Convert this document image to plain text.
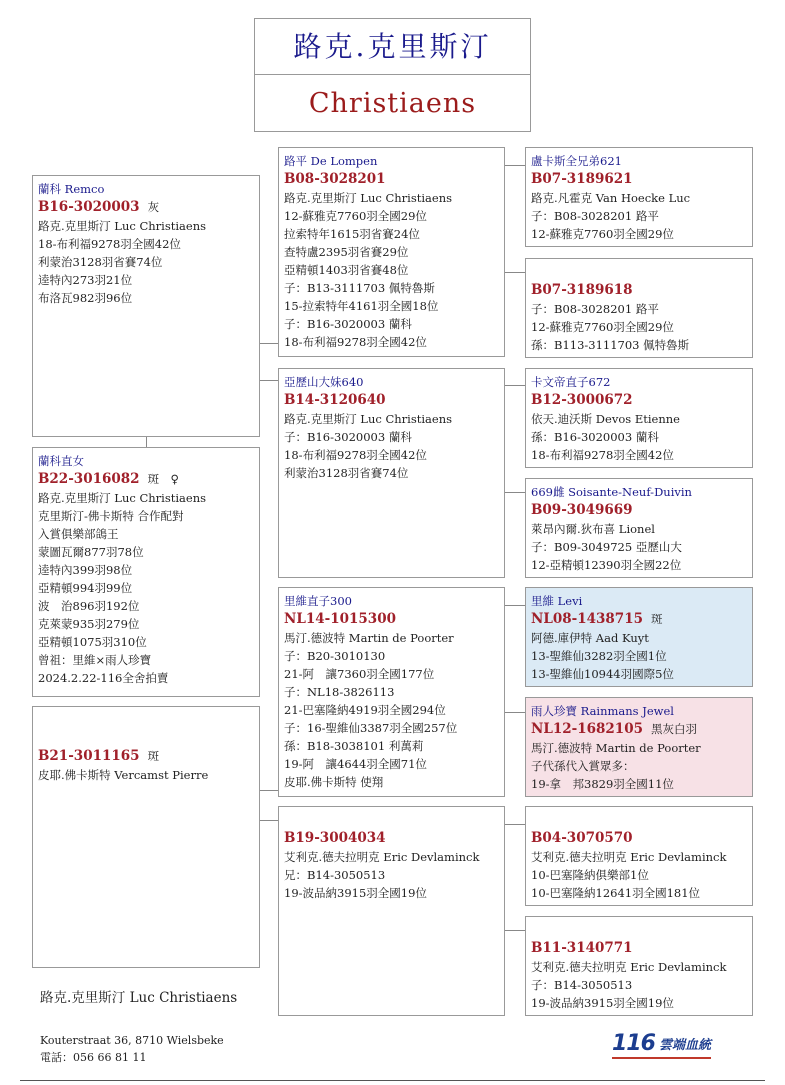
路克.克里斯汀
Christiaens
蘭科 Remco
B16-3020003 灰
路克.克里斯汀 Luc Christiaens
18-布利福9278羽全國42位
利蒙治3128羽省賽74位
逵特內273羽21位
布洛瓦982羽96位
蘭科直女
B22-3016082 斑　♀
路克.克里斯汀 Luc Christiaens
克里斯汀-佛卡斯特 合作配對
入賞俱樂部鴿王
蒙圖瓦爾877羽78位
逵特內399羽98位
亞精頓994羽99位
波　治896羽192位
克萊蒙935羽279位
亞精頓1075羽310位
曾祖：里維×雨人珍寶
2024.2.22-116全舍拍賣
B21-3011165 斑
皮耶.佛卡斯特 Vercamst Pierre
路平 De Lompen
B08-3028201
路克.克里斯汀 Luc Christiaens
12-蘇雅克7760羽全國29位
拉索特年1615羽省賽24位
查特盧2395羽省賽29位
亞精頓1403羽省賽48位
子：B13-3111703 佩特魯斯
15-拉索特年4161羽全國18位
子：B16-3020003 蘭科
18-布利福9278羽全國42位
亞歷山大妹640
B14-3120640
路克.克里斯汀 Luc Christiaens
子：B16-3020003 蘭科
18-布利福9278羽全國42位
利蒙治3128羽省賽74位
里維直子300
NL14-1015300
馬汀.德波特 Martin de Poorter
子：B20-3010130
21-阿　讓7360羽全國177位
子：NL18-3826113
21-巴塞隆納4919羽全國294位
子：16-聖維仙3387羽全國257位
孫：B18-3038101 利萬莉
19-阿　讓4644羽全國71位
皮耶.佛卡斯特 使翔
B19-3004034
艾利克.德夫拉明克 Eric Devlaminck
兄：B14-3050513
19-波品納3915羽全國19位
盧卡斯全兄弟621
B07-3189621
路克.凡霍克 Van Hoecke Luc
子：B08-3028201 路平
12-蘇雅克7760羽全國29位
B07-3189618
子：B08-3028201 路平
12-蘇雅克7760羽全國29位
孫：B113-3111703 佩特魯斯
卡文帝直子672
B12-3000672
依天.迪沃斯 Devos Etienne
孫：B16-3020003 蘭科
18-布利福9278羽全國42位
669雌 Soisante-Neuf-Duivin
B09-3049669
萊昂內爾.狄布喜 Lionel
子：B09-3049725 亞歷山大
12-亞精頓12390羽全國22位
里維 Levi
NL08-1438715 斑
阿德.庫伊特 Aad Kuyt
13-聖維仙3282羽全國1位
13-聖維仙10944羽國際5位
雨人珍寶 Rainmans Jewel
NL12-1682105 黑灰白羽
馬汀.德波特 Martin de Poorter
子代孫代入賞眾多：
19-拿　邦3829羽全國11位
B04-3070570
艾利克.德夫拉明克 Eric Devlaminck
10-巴塞隆納俱樂部1位
10-巴塞隆納12641羽全國181位
B11-3140771
艾利克.德夫拉明克 Eric Devlaminck
子：B14-3050513
19-波品納3915羽全國19位
路克.克里斯汀 Luc Christiaens
Kouterstraat 36, 8710 Wielsbeke
電話：056 66 81 11
116 雲端血統
